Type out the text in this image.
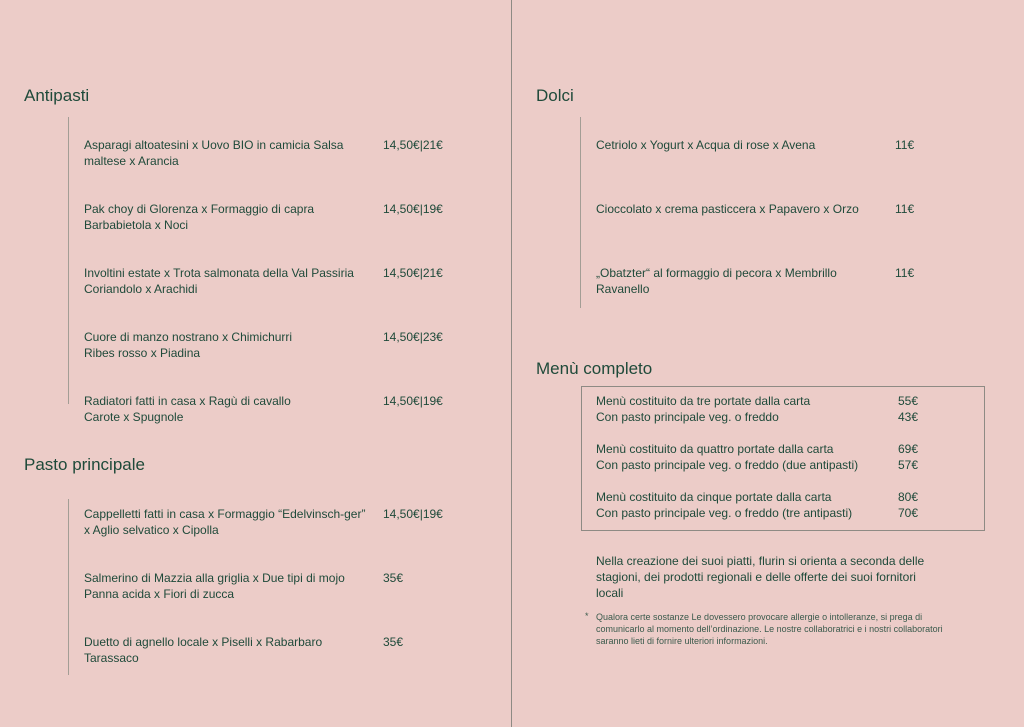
Antipasti
Asparagi altoatesini x Uovo BIO in camicia Salsa maltese x Arancia
14,50€|21€
Pak choy di Glorenza x Formaggio di capra Barbabietola x Noci
14,50€|19€
Involtini estate x Trota salmonata della Val Passiria Coriandolo x Arachidi
14,50€|21€
Cuore di manzo nostrano x Chimichurri Ribes rosso x Piadina
14,50€|23€
Radiatori fatti in casa x Ragù di cavallo Carote x Spugnole
14,50€|19€
Pasto principale
Cappelletti fatti in casa x Formaggio “Edelvinsch-ger” x Aglio selvatico x Cipolla
14,50€|19€
Salmerino di Mazzia alla griglia x Due tipi di mojo Panna acida x Fiori di zucca
35€
Duetto di agnello locale x Piselli x Rabarbaro Tarassaco
35€
Dolci
Cetriolo x Yogurt x Acqua di rose x Avena	11€
Cioccolato x crema pasticcera x Papavero x Orzo	11€
„Obatzter“ al formaggio di pecora x Membrillo Ravanello
11€
Menù completo
Menù costituito da tre portate dalla carta	55€
Con pasto principale veg. o freddo	43€
Menù costituito da quattro portate dalla carta	69€
Con pasto principale veg. o freddo (due antipasti)	57€
Menù costituito da cinque portate dalla carta	80€
Con pasto principale veg. o freddo (tre antipasti)	70€
Nella creazione dei suoi piatti, flurin si orienta a seconda delle stagioni, dei prodotti regionali e delle offerte dei suoi fornitori locali
* Qualora certe sostanze Le dovessero provocare allergie o intolleranze, si prega di comunicarlo al momento dell’ordinazione. Le nostre collaboratrici e i nostri collaboratori saranno lieti di fornire ulteriori informazioni.
